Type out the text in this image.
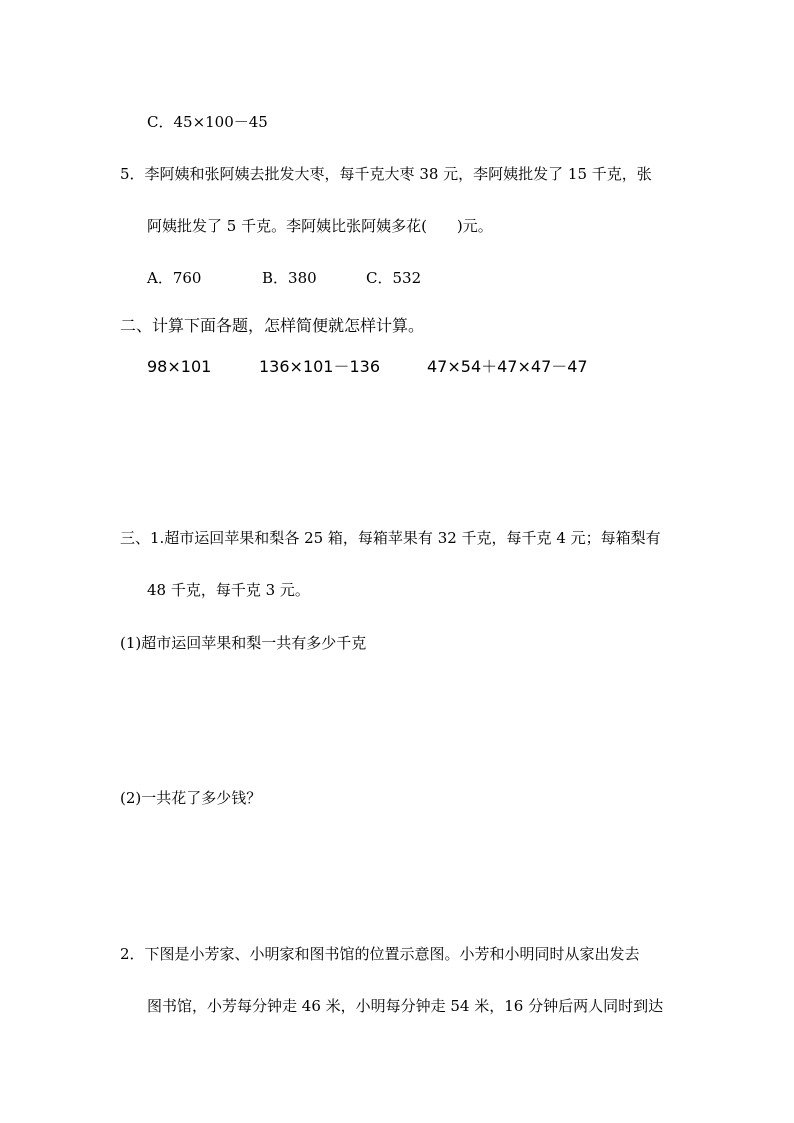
C．45×100－45
5．李阿姨和张阿姨去批发大枣，每千克大枣 38 元，李阿姨批发了 15 千克，张
阿姨批发了 5 千克。李阿姨比张阿姨多花(　　)元。
A．760	B．380	C．532
二、计算下面各题，怎样简便就怎样计算。
98×101	136×101－136	47×54＋47×47－47
三、1.超市运回苹果和梨各 25 箱，每箱苹果有 32 千克，每千克 4 元；每箱梨有
48 千克，每千克 3 元。
(1)超市运回苹果和梨一共有多少千克
(2)一共花了多少钱？
2．下图是小芳家、小明家和图书馆的位置示意图。小芳和小明同时从家出发去
图书馆，小芳每分钟走 46 米，小明每分钟走 54 米，16 分钟后两人同时到达
